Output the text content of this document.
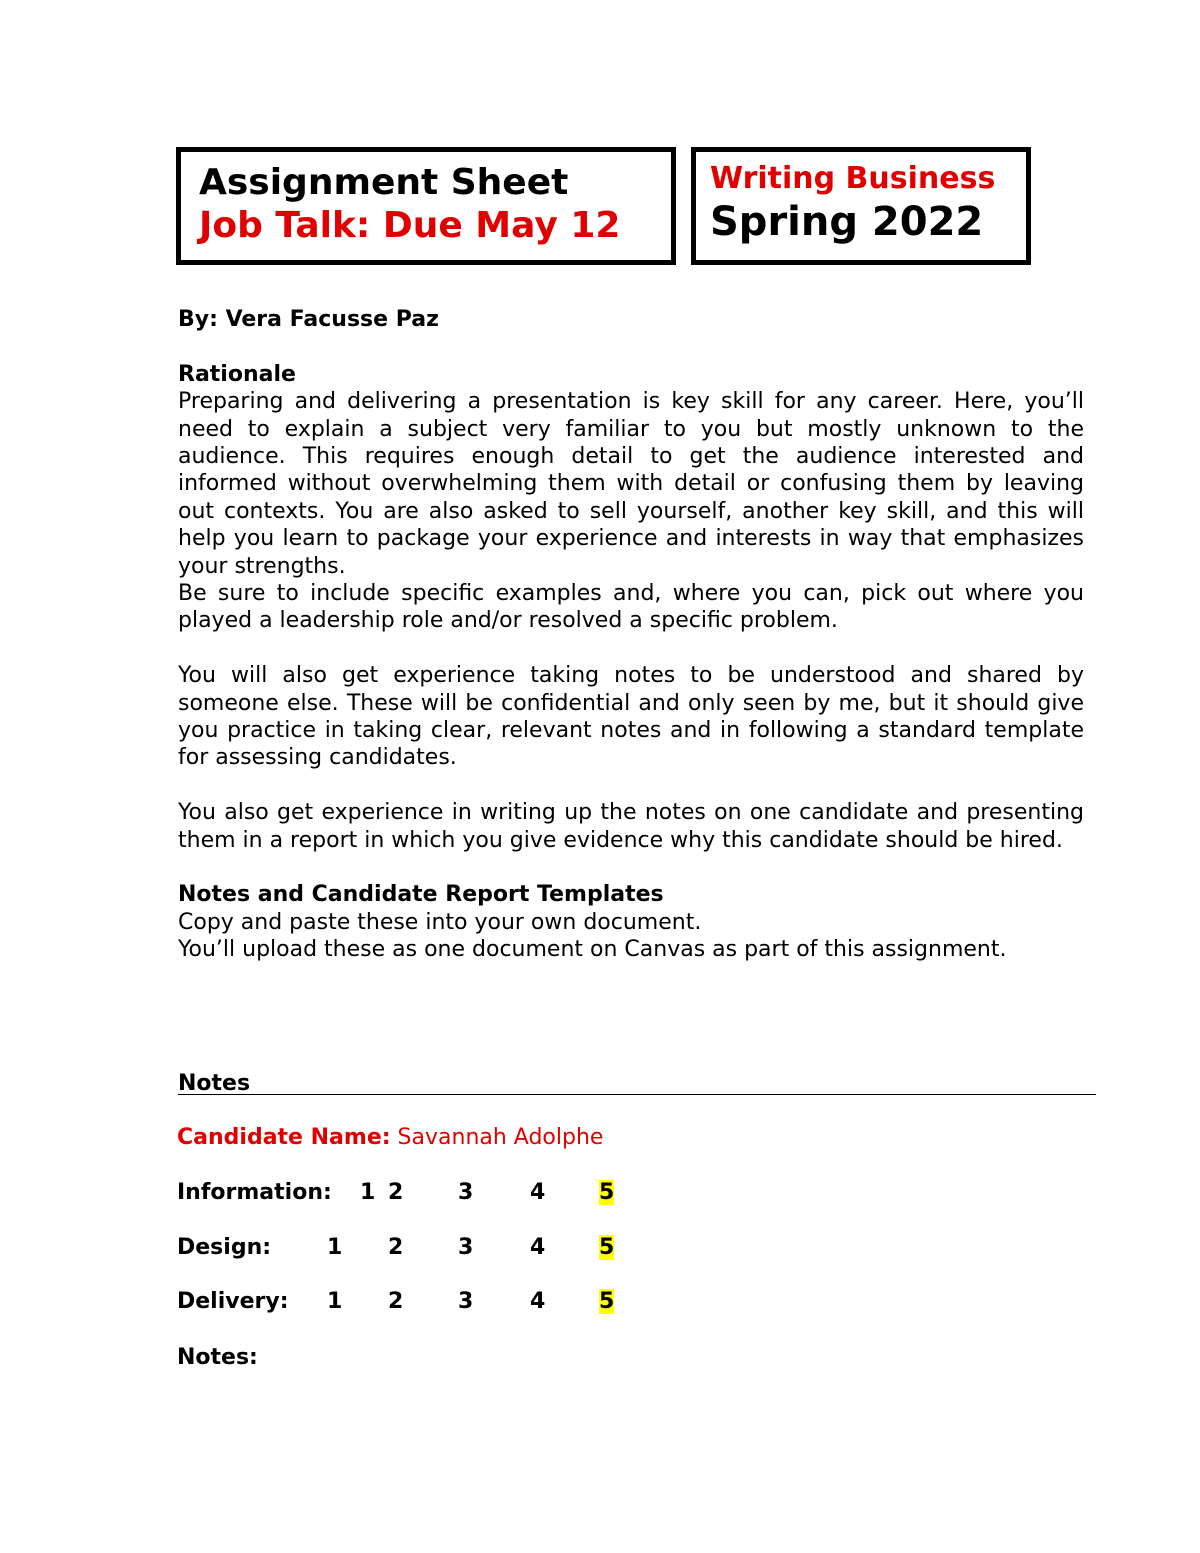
Assignment Sheet
Job Talk: Due May 12
Writing Business
Spring 2022

By: Vera Facusse Paz

Rationale

Preparing and delivering a presentation is key skill for any career. Here, you’ll need to explain a subject very familiar to you but mostly unknown to the audience. This requires enough detail to get the audience interested and informed without overwhelming them with detail or confusing them by leaving out contexts. You are also asked to sell yourself, another key skill, and this will help you learn to package your experience and interests in way that emphasizes your strengths.

Be sure to include specific examples and, where you can, pick out where you played a leadership role and/or resolved a specific problem.

You will also get experience taking notes to be understood and shared by someone else. These will be confidential and only seen by me, but it should give you practice in taking clear, relevant notes and in following a standard template for assessing candidates.

You also get experience in writing up the notes on one candidate and presenting them in a report in which you give evidence why this candidate should be hired.

Notes and Candidate Report Templates

Copy and paste these into your own document.

You’ll upload these as one document on Canvas as part of this assignment.

Notes
Candidate Name: Savannah Adolphe
Information: 1 2 3	4 5
Design:	1 2 3	4 5
Delivery: 1 2 3	4 5
Notes:
